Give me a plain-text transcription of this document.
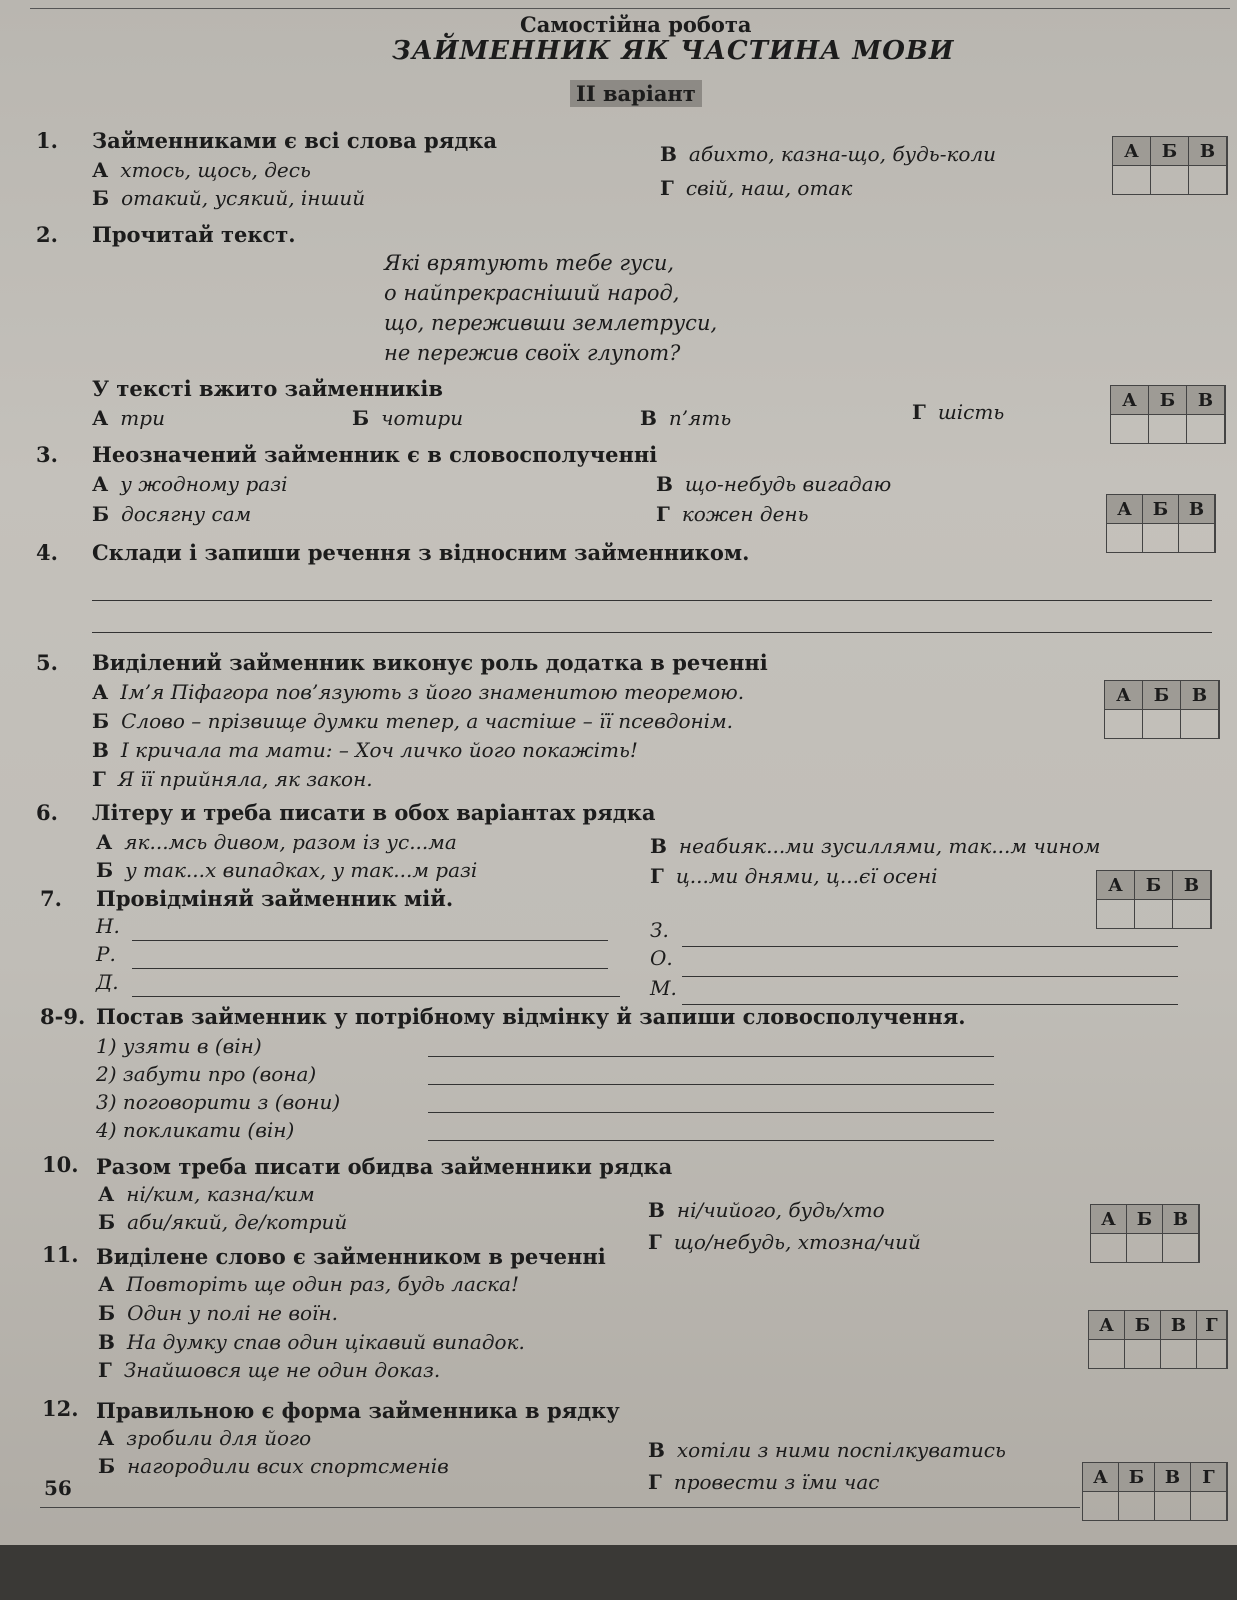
Самостійна робота
ЗАЙМЕННИК ЯК ЧАСТИНА МОВИ
ІІ варіант
1. Займенниками є всі слова рядка
А хтось, щось, десь
Б отакий, усякий, інший
В абихто, казна-що, будь-коли
Г свій, наш, отак
А	Б	В
2. Прочитай текст.
Які врятують тебе гуси,
о найпрекрасніший народ,
що, переживши землетруси,
не пережив своїх глупот?
У тексті вжито займенників
А три	Б чотири	В п’ять	Г шість	А	Б	В
3. Неозначений займенник є в словосполученні
А у жодному разі
Б досягну сам
В що-небудь вигадаю
Г кожен день	А	Б	В
4. Склади і запиши речення з відносним займенником.
5. Виділений займенник виконує роль додатка в реченні
А Ім’я Піфагора пов’язують з його знаменитою теоремою.
Б Слово – прізвище думки тепер, а частіше – її псевдонім.
В І кричала та мати: – Хоч личко його покажіть!
Г Я її прийняла, як закон.
А	Б	В
6. Літеру и треба писати в обох варіантах рядка
А як...мсь дивом, разом із ус...ма
Б у так...х випадках, у так...м разі
В неабияк...ми зусиллями, так...м чином
Г ц...ми днями, ц...єї осені	А	Б	В
7. Провідміняй займенник мій.
Н.
Р.
Д.
З.
О.
М.
8-9. Постав займенник у потрібному відмінку й запиши словосполучення.
1) узяти в (він)
2) забути про (вона)
3) поговорити з (вони)
4) покликати (він)
10. Разом треба писати обидва займенники рядка
А ні/ким, казна/ким
Б аби/який, де/котрий	В ні/чийого, будь/хто
Г що/небудь, хтозна/чий
А	Б	В
11. Виділене слово є займенником в реченні
А Повторіть ще один раз, будь ласка!
Б Один у полі не воїн.
В На думку спав один цікавий випадок.
Г Знайшовся ще не один доказ.
А	Б	В	Г
12. Правильною є форма займенника в рядку
А зробили для його
Б нагородили всих спортсменів
В хотіли з ними поспілкуватись
Г провести з їми час	А	Б	В	Г
56
